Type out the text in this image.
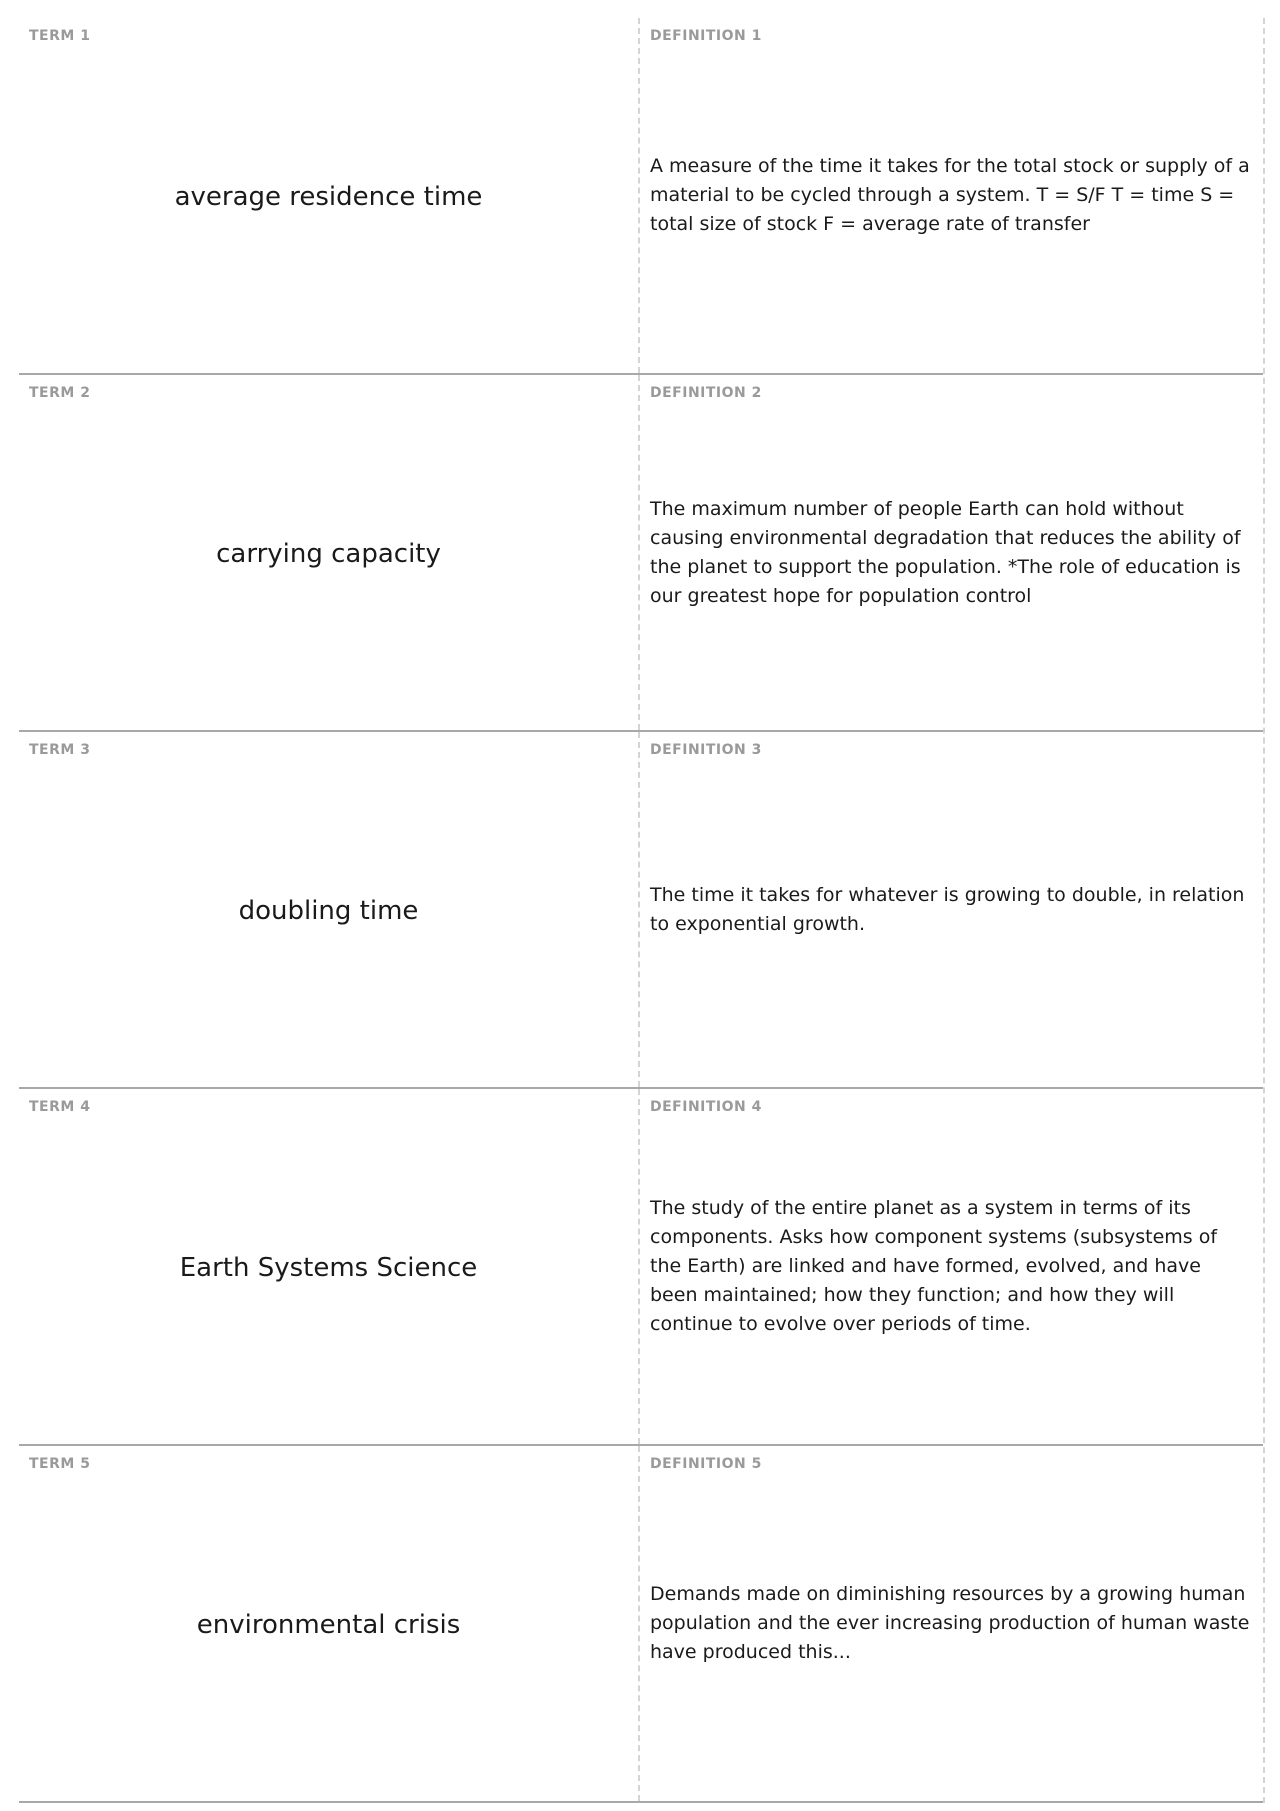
TERM 1
average residence time
DEFINITION 1
A measure of the time it takes for the total stock or supply of a material to be cycled through a system. T = S/F T = time S = total size of stock F = average rate of transfer
TERM 2
carrying capacity
DEFINITION 2
The maximum number of people Earth can hold without causing environmental degradation that reduces the ability of the planet to support the population. *The role of education is our greatest hope for population control
TERM 3
doubling time
DEFINITION 3
The time it takes for whatever is growing to double, in relation to exponential growth.
TERM 4
Earth Systems Science
DEFINITION 4
The study of the entire planet as a system in terms of its components. Asks how component systems (subsystems of the Earth) are linked and have formed, evolved, and have been maintained; how they function; and how they will continue to evolve over periods of time.
TERM 5
environmental crisis
DEFINITION 5
Demands made on diminishing resources by a growing human population and the ever increasing production of human waste have produced this...
